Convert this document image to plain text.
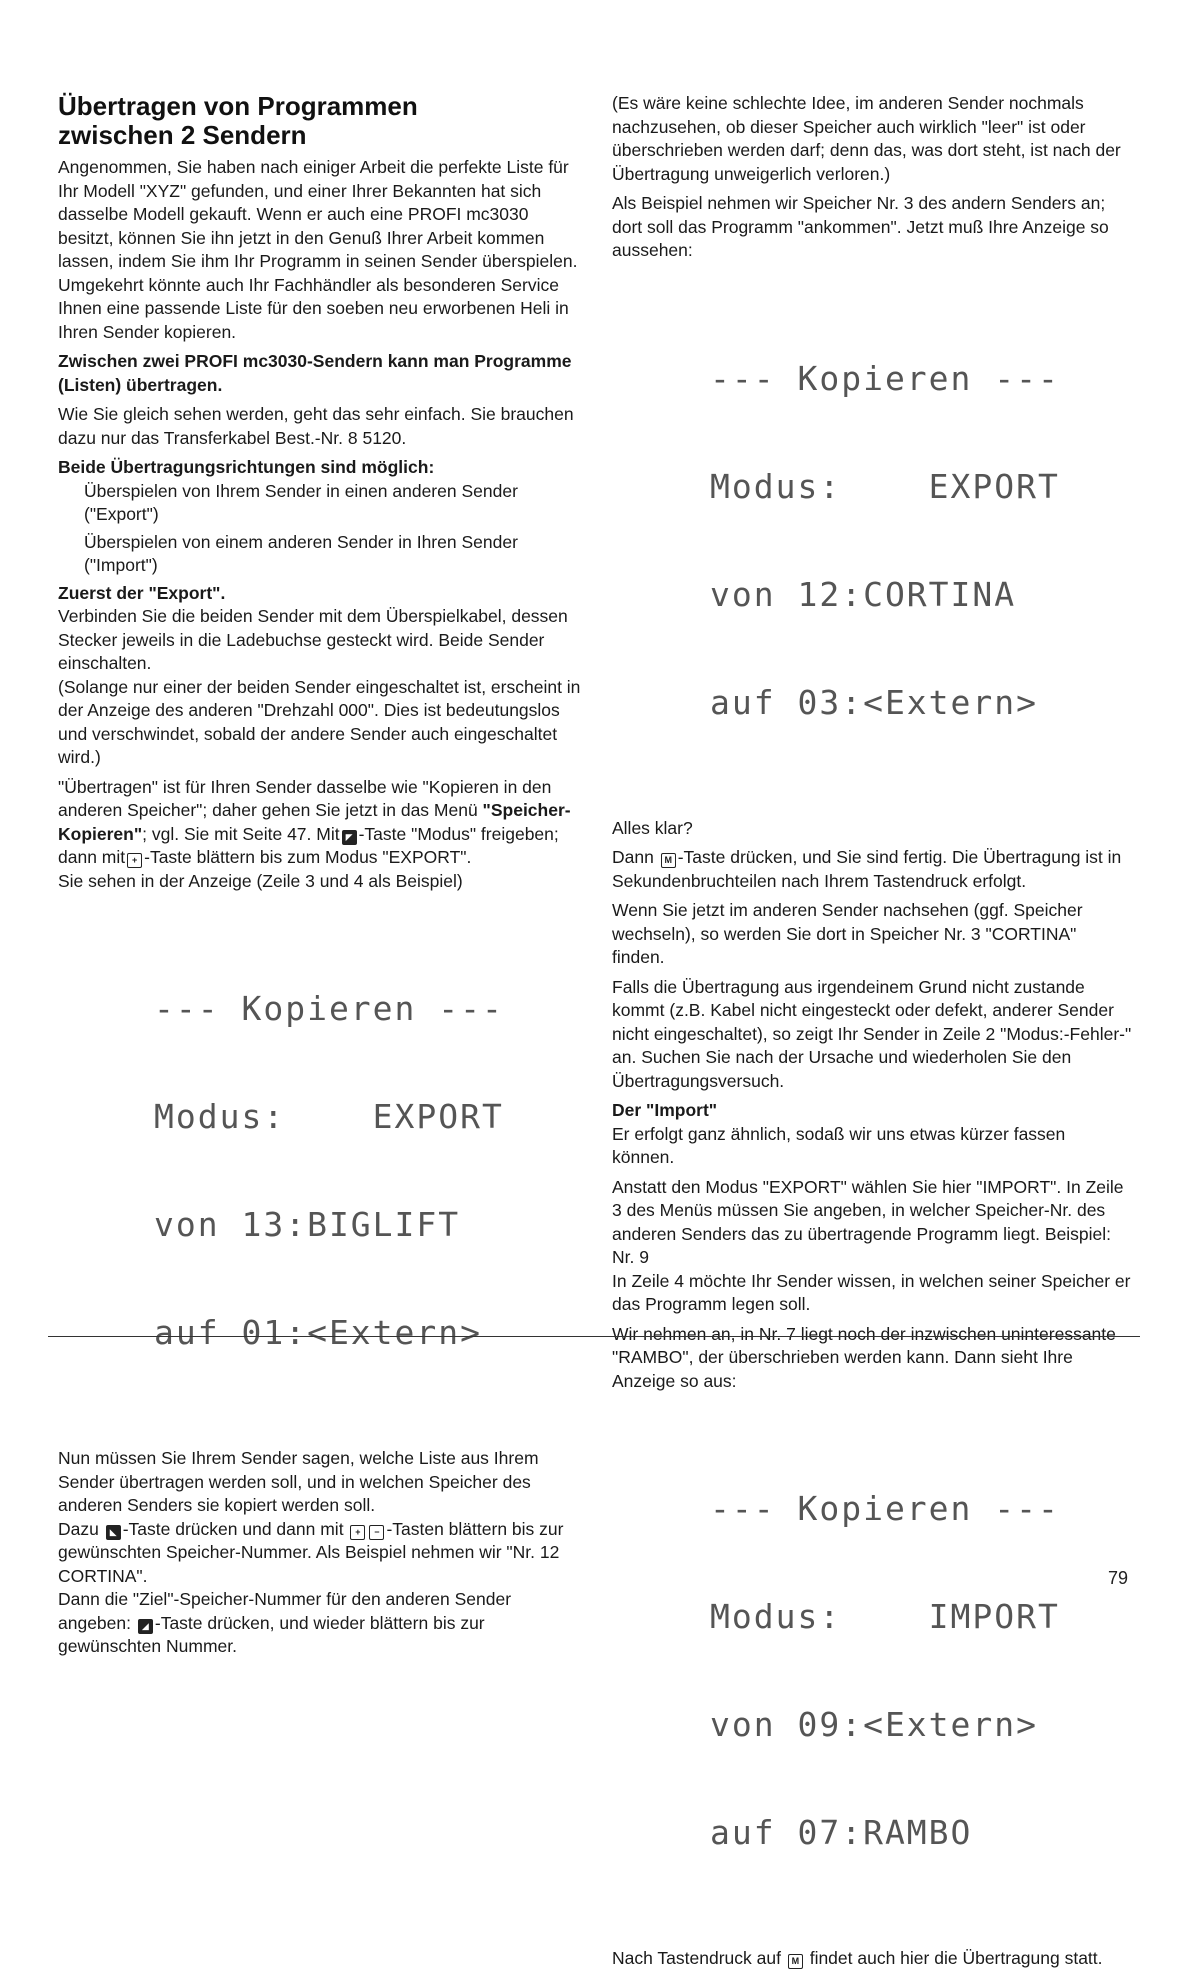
Übertragen von Programmen zwischen 2 Sendern

Angenommen, Sie haben nach einiger Arbeit die perfekte Liste für Ihr Modell "XYZ" gefunden, und einer Ihrer Bekannten hat sich dasselbe Modell gekauft. Wenn er auch eine PROFI mc3030 besitzt, können Sie ihn jetzt in den Genuß Ihrer Arbeit kommen lassen, indem Sie ihm Ihr Programm in seinen Sender überspielen. Umgekehrt könnte auch Ihr Fachhändler als besonderen Service Ihnen eine passende Liste für den soeben neu erworbenen Heli in Ihren Sender kopieren.

Zwischen zwei PROFI mc3030-Sendern kann man Programme (Listen) übertragen.

Wie Sie gleich sehen werden, geht das sehr einfach. Sie brauchen dazu nur das Transferkabel Best.-Nr. 8 5120.

Beide Übertragungsrichtungen sind möglich:

Überspielen von Ihrem Sender in einen anderen Sender ("Export")

Überspielen von einem anderen Sender in Ihren Sender ("Import")

Zuerst der "Export".

Verbinden Sie die beiden Sender mit dem Überspielkabel, dessen Stecker jeweils in die Ladebuchse gesteckt wird. Beide Sender einschalten.

(Solange nur einer der beiden Sender eingeschaltet ist, erscheint in der Anzeige des anderen "Drehzahl 000". Dies ist bedeutungslos und verschwindet, sobald der andere Sender auch eingeschaltet wird.)

"Übertragen" ist für Ihren Sender dasselbe wie "Kopieren in den anderen Speicher"; daher gehen Sie jetzt in das Menü "Speicher-Kopieren"; vgl. Sie mit Seite 47. Mit ◤ -Taste "Modus" freigeben; dann mit + -Taste blättern bis zum Modus "EXPORT".

Sie sehen in der Anzeige (Zeile 3 und 4 als Beispiel)

--- Kopieren ---

Modus:    EXPORT

von 13:BIGLIFT

auf 01:<Extern>

Nun müssen Sie Ihrem Sender sagen, welche Liste aus Ihrem Sender übertragen werden soll, und in welchen Speicher des anderen Senders sie kopiert werden soll.

Dazu ◣ -Taste drücken und dann mit + − -Tasten blättern bis zur gewünschten Speicher-Nummer. Als Beispiel nehmen wir "Nr. 12 CORTINA".

Dann die "Ziel"-Speicher-Nummer für den anderen Sender angeben: ◢ -Taste drücken, und wieder blättern bis zur gewünschten Nummer.

(Es wäre keine schlechte Idee, im anderen Sender nochmals nachzusehen, ob dieser Speicher auch wirklich "leer" ist oder überschrieben werden darf; denn das, was dort steht, ist nach der Übertragung unweigerlich verloren.)

Als Beispiel nehmen wir Speicher Nr. 3 des andern Senders an; dort soll das Programm "ankommen". Jetzt muß Ihre Anzeige so aussehen:

--- Kopieren ---

Modus:    EXPORT

von 12:CORTINA

auf 03:<Extern>

Alles klar?

Dann M -Taste drücken, und Sie sind fertig. Die Übertragung ist in Sekundenbruchteilen nach Ihrem Tastendruck erfolgt.

Wenn Sie jetzt im anderen Sender nachsehen (ggf. Speicher wechseln), so werden Sie dort in Speicher Nr. 3 "CORTINA" finden.

Falls die Übertragung aus irgendeinem Grund nicht zustande kommt (z.B. Kabel nicht eingesteckt oder defekt, anderer Sender nicht eingeschaltet), so zeigt Ihr Sender in Zeile 2 "Modus:-Fehler-" an. Suchen Sie nach der Ursache und wiederholen Sie den Übertragungsversuch.

Der "Import"

Er erfolgt ganz ähnlich, sodaß wir uns etwas kürzer fassen können.

Anstatt den Modus "EXPORT" wählen Sie hier "IMPORT". In Zeile 3 des Menüs müssen Sie angeben, in welcher Speicher-Nr. des anderen Senders das zu übertragende Programm liegt. Beispiel: Nr. 9

In Zeile 4 möchte Ihr Sender wissen, in welchen seiner Speicher er das Programm legen soll.

Wir nehmen an, in Nr. 7 liegt noch der inzwischen uninteressante "RAMBO", der überschrieben werden kann. Dann sieht Ihre Anzeige so aus:

--- Kopieren ---

Modus:    IMPORT

von 09:<Extern>

auf 07:RAMBO

Nach Tastendruck auf M findet auch hier die Übertragung statt.

79
